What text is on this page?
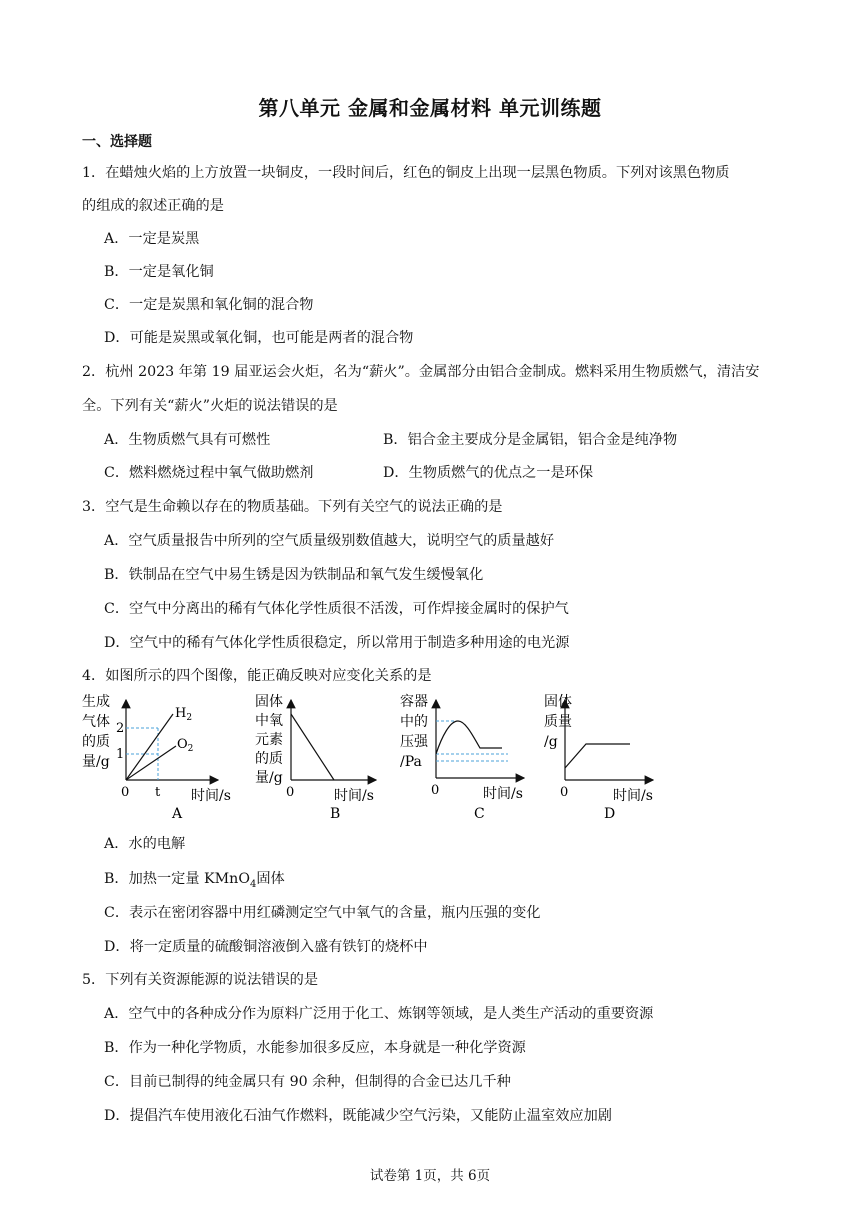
第八单元 金属和金属材料 单元训练题
一、选择题
1．在蜡烛火焰的上方放置一块铜皮，一段时间后，红色的铜皮上出现一层黑色物质。下列对该黑色物质
的组成的叙述正确的是
A．一定是炭黑
B．一定是氧化铜
C．一定是炭黑和氧化铜的混合物
D．可能是炭黑或氧化铜，也可能是两者的混合物
2．杭州 2023 年第 19 届亚运会火炬，名为“薪火”。金属部分由铝合金制成。燃料采用生物质燃气，清洁安
全。下列有关“薪火”火炬的说法错误的是
A．生物质燃气具有可燃性	B．铝合金主要成分是金属铝，铝合金是纯净物
C．燃料燃烧过程中氧气做助燃剂	D．生物质燃气的优点之一是环保
3．空气是生命赖以存在的物质基础。下列有关空气的说法正确的是
A．空气质量报告中所列的空气质量级别数值越大，说明空气的质量越好
B．铁制品在空气中易生锈是因为铁制品和氧气发生缓慢氧化
C．空气中分离出的稀有气体化学性质很不活泼，可作焊接金属时的保护气
D．空气中的稀有气体化学性质很稳定，所以常用于制造多种用途的电光源
4．如图所示的四个图像，能正确反映对应变化关系的是
生成
气体
的质
量/g
2
1
$H_2$
$O_2$
0 t 时间/s
A
固体
中氧
元素
的质
量/g
0	时间/s
B
容器
中的
压强
/Pa
0	时间/s
C
固体
质量
/g
0	时间/s
D
A．水的电解
B．加热一定量 KMnO$_4$固体
C．表示在密闭容器中用红磷测定空气中氧气的含量，瓶内压强的变化
D．将一定质量的硫酸铜溶液倒入盛有铁钉的烧杯中
5．下列有关资源能源的说法错误的是
A．空气中的各种成分作为原料广泛用于化工、炼钢等领域，是人类生产活动的重要资源
B．作为一种化学物质，水能参加很多反应，本身就是一种化学资源
C．目前已制得的纯金属只有 90 余种，但制得的合金已达几千种
D．提倡汽车使用液化石油气作燃料，既能减少空气污染，又能防止温室效应加剧
试卷第 1页，共 6页
